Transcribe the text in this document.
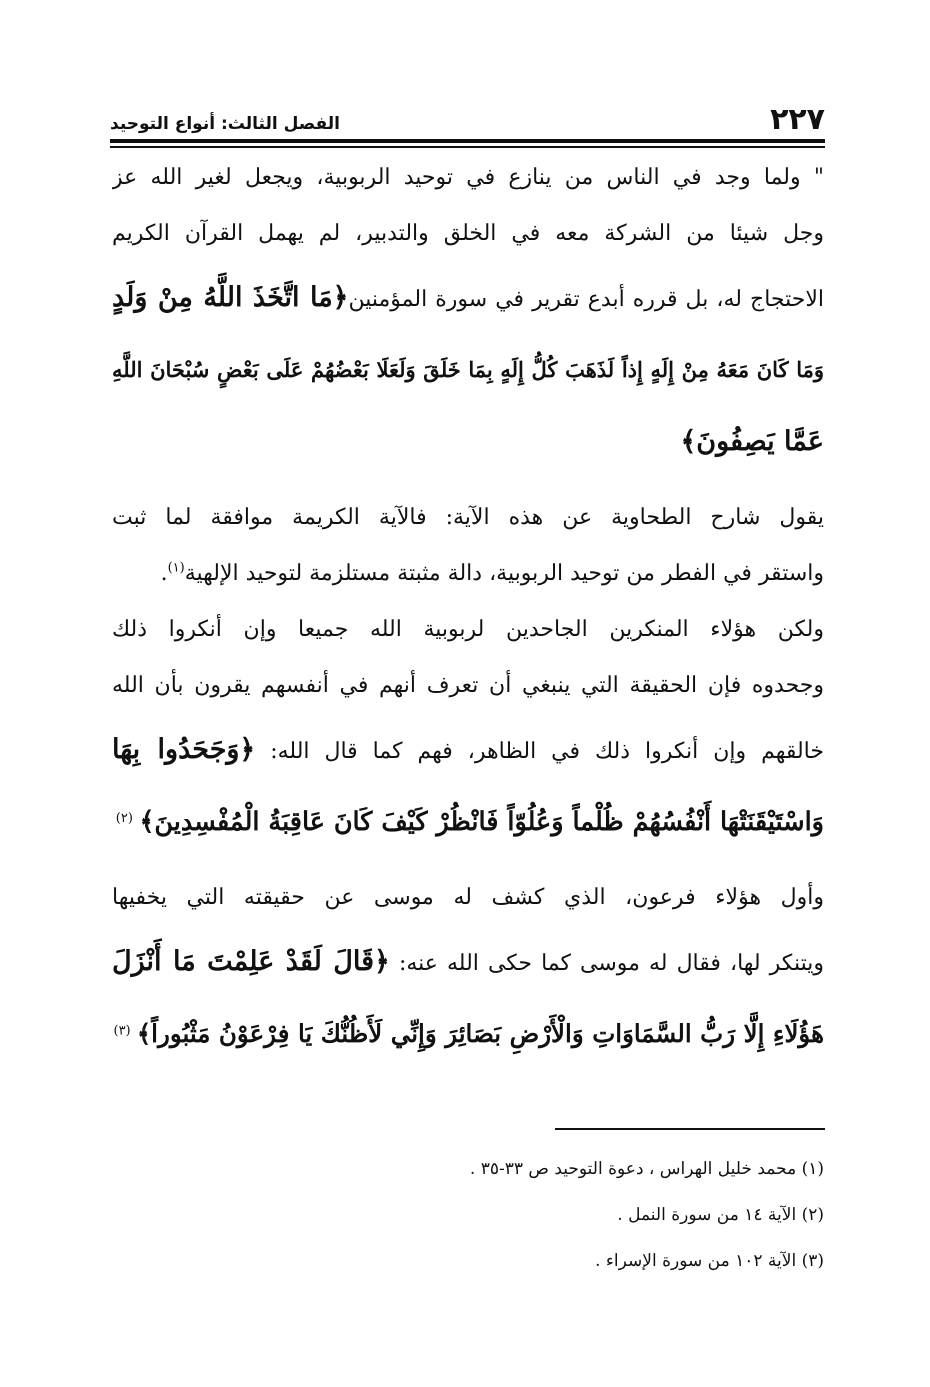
٢٢٧
الفصل الثالث: أنواع التوحيد
" ولما وجد في الناس من ينازع في توحيد الربوبية، ويجعل لغير الله عز
وجل شيئا من الشركة معه في الخلق والتدبير، لم يهمل القرآن الكريم
الاحتجاج له، بل قرره أبدع تقرير في سورة المؤمنين﴿مَا اتَّخَذَ اللَّهُ مِنْ وَلَدٍ
وَمَا كَانَ مَعَهُ مِنْ إِلَهٍ إِذاً لَذَهَبَ كُلُّ إِلَهٍ بِمَا خَلَقَ وَلَعَلَا بَعْضُهُمْ عَلَى بَعْضٍ سُبْحَانَ اللَّهِ
عَمَّا يَصِفُونَ﴾
يقول شارح الطحاوية عن هذه الآية: فالآية الكريمة موافقة لما ثبت
واستقر في الفطر من توحيد الربوبية، دالة مثبتة مستلزمة لتوحيد الإلهية$^{(١)}$.
ولكن هؤلاء المنكرين الجاحدين لربوبية الله جميعا وإن أنكروا ذلك
وجحدوه فإن الحقيقة التي ينبغي أن تعرف أنهم في أنفسهم يقرون بأن الله
خالقهم وإن أنكروا ذلك في الظاهر، فهم كما قال الله: ﴿وَجَحَدُوا بِهَا
وَاسْتَيْقَنَتْهَا أَنْفُسُهُمْ ظُلْماً وَعُلُوّاً فَانْظُرْ كَيْفَ كَانَ عَاقِبَةُ الْمُفْسِدِينَ﴾ $^{(٢)}$
وأول هؤلاء فرعون، الذي كشف له موسى عن حقيقته التي يخفيها
ويتنكر لها، فقال له موسى كما حكى الله عنه: ﴿قَالَ لَقَدْ عَلِمْتَ مَا أَنْزَلَ
هَؤُلَاءِ إِلَّا رَبُّ السَّمَاوَاتِ وَالْأَرْضِ بَصَائِرَ وَإِنِّي لَأَظُنُّكَ يَا فِرْعَوْنُ مَثْبُوراً﴾ $^{(٣)}$
(١) محمد خليل الهراس ، دعوة التوحيد ص ٣٣-٣٥ .
(٢) الآية ١٤ من سورة النمل .
(٣) الآية ١٠٢ من سورة الإسراء .
